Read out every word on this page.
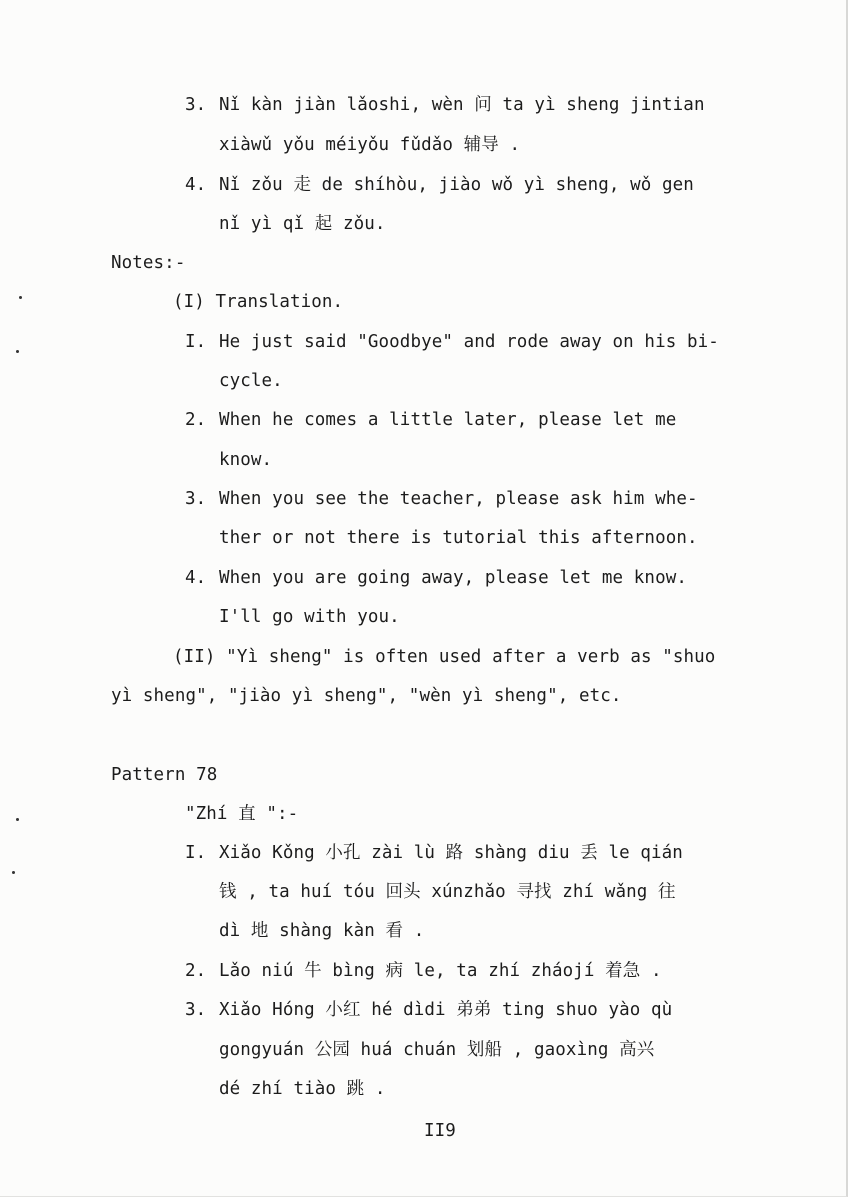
3. Nǐ kàn jiàn lǎoshi, wèn 问 ta yì sheng jintian
xiàwǔ yǒu méiyǒu fǔdǎo 辅导 .
4. Nǐ zǒu 走 de shíhòu, jiào wǒ yì sheng, wǒ gen
nǐ yì qǐ 起 zǒu.
Notes:-
(I) Translation.
I. He just said "Goodbye" and rode away on his bi-
cycle.
2. When he comes a little later, please let me
know.
3. When you see the teacher, please ask him whe-
ther or not there is tutorial this afternoon.
4. When you are going away, please let me know.
I'll go with you.
(II) "Yì sheng" is often used after a verb as "shuo
yì sheng", "jiào yì sheng", "wèn yì sheng", etc.
Pattern 78
"Zhí 直 ":-
I. Xiǎo Kǒng 小孔 zài lù 路 shàng diu 丢 le qián
钱 , ta huí tóu 回头 xúnzhǎo 寻找 zhí wǎng 往
dì 地 shàng kàn 看 .
2. Lǎo niú 牛 bìng 病 le, ta zhí zháojí 着急 .
3. Xiǎo Hóng 小红 hé dìdi 弟弟 ting shuo yào qù
gongyuán 公园 huá chuán 划船 , gaoxìng 高兴
dé zhí tiào 跳 .
II9
